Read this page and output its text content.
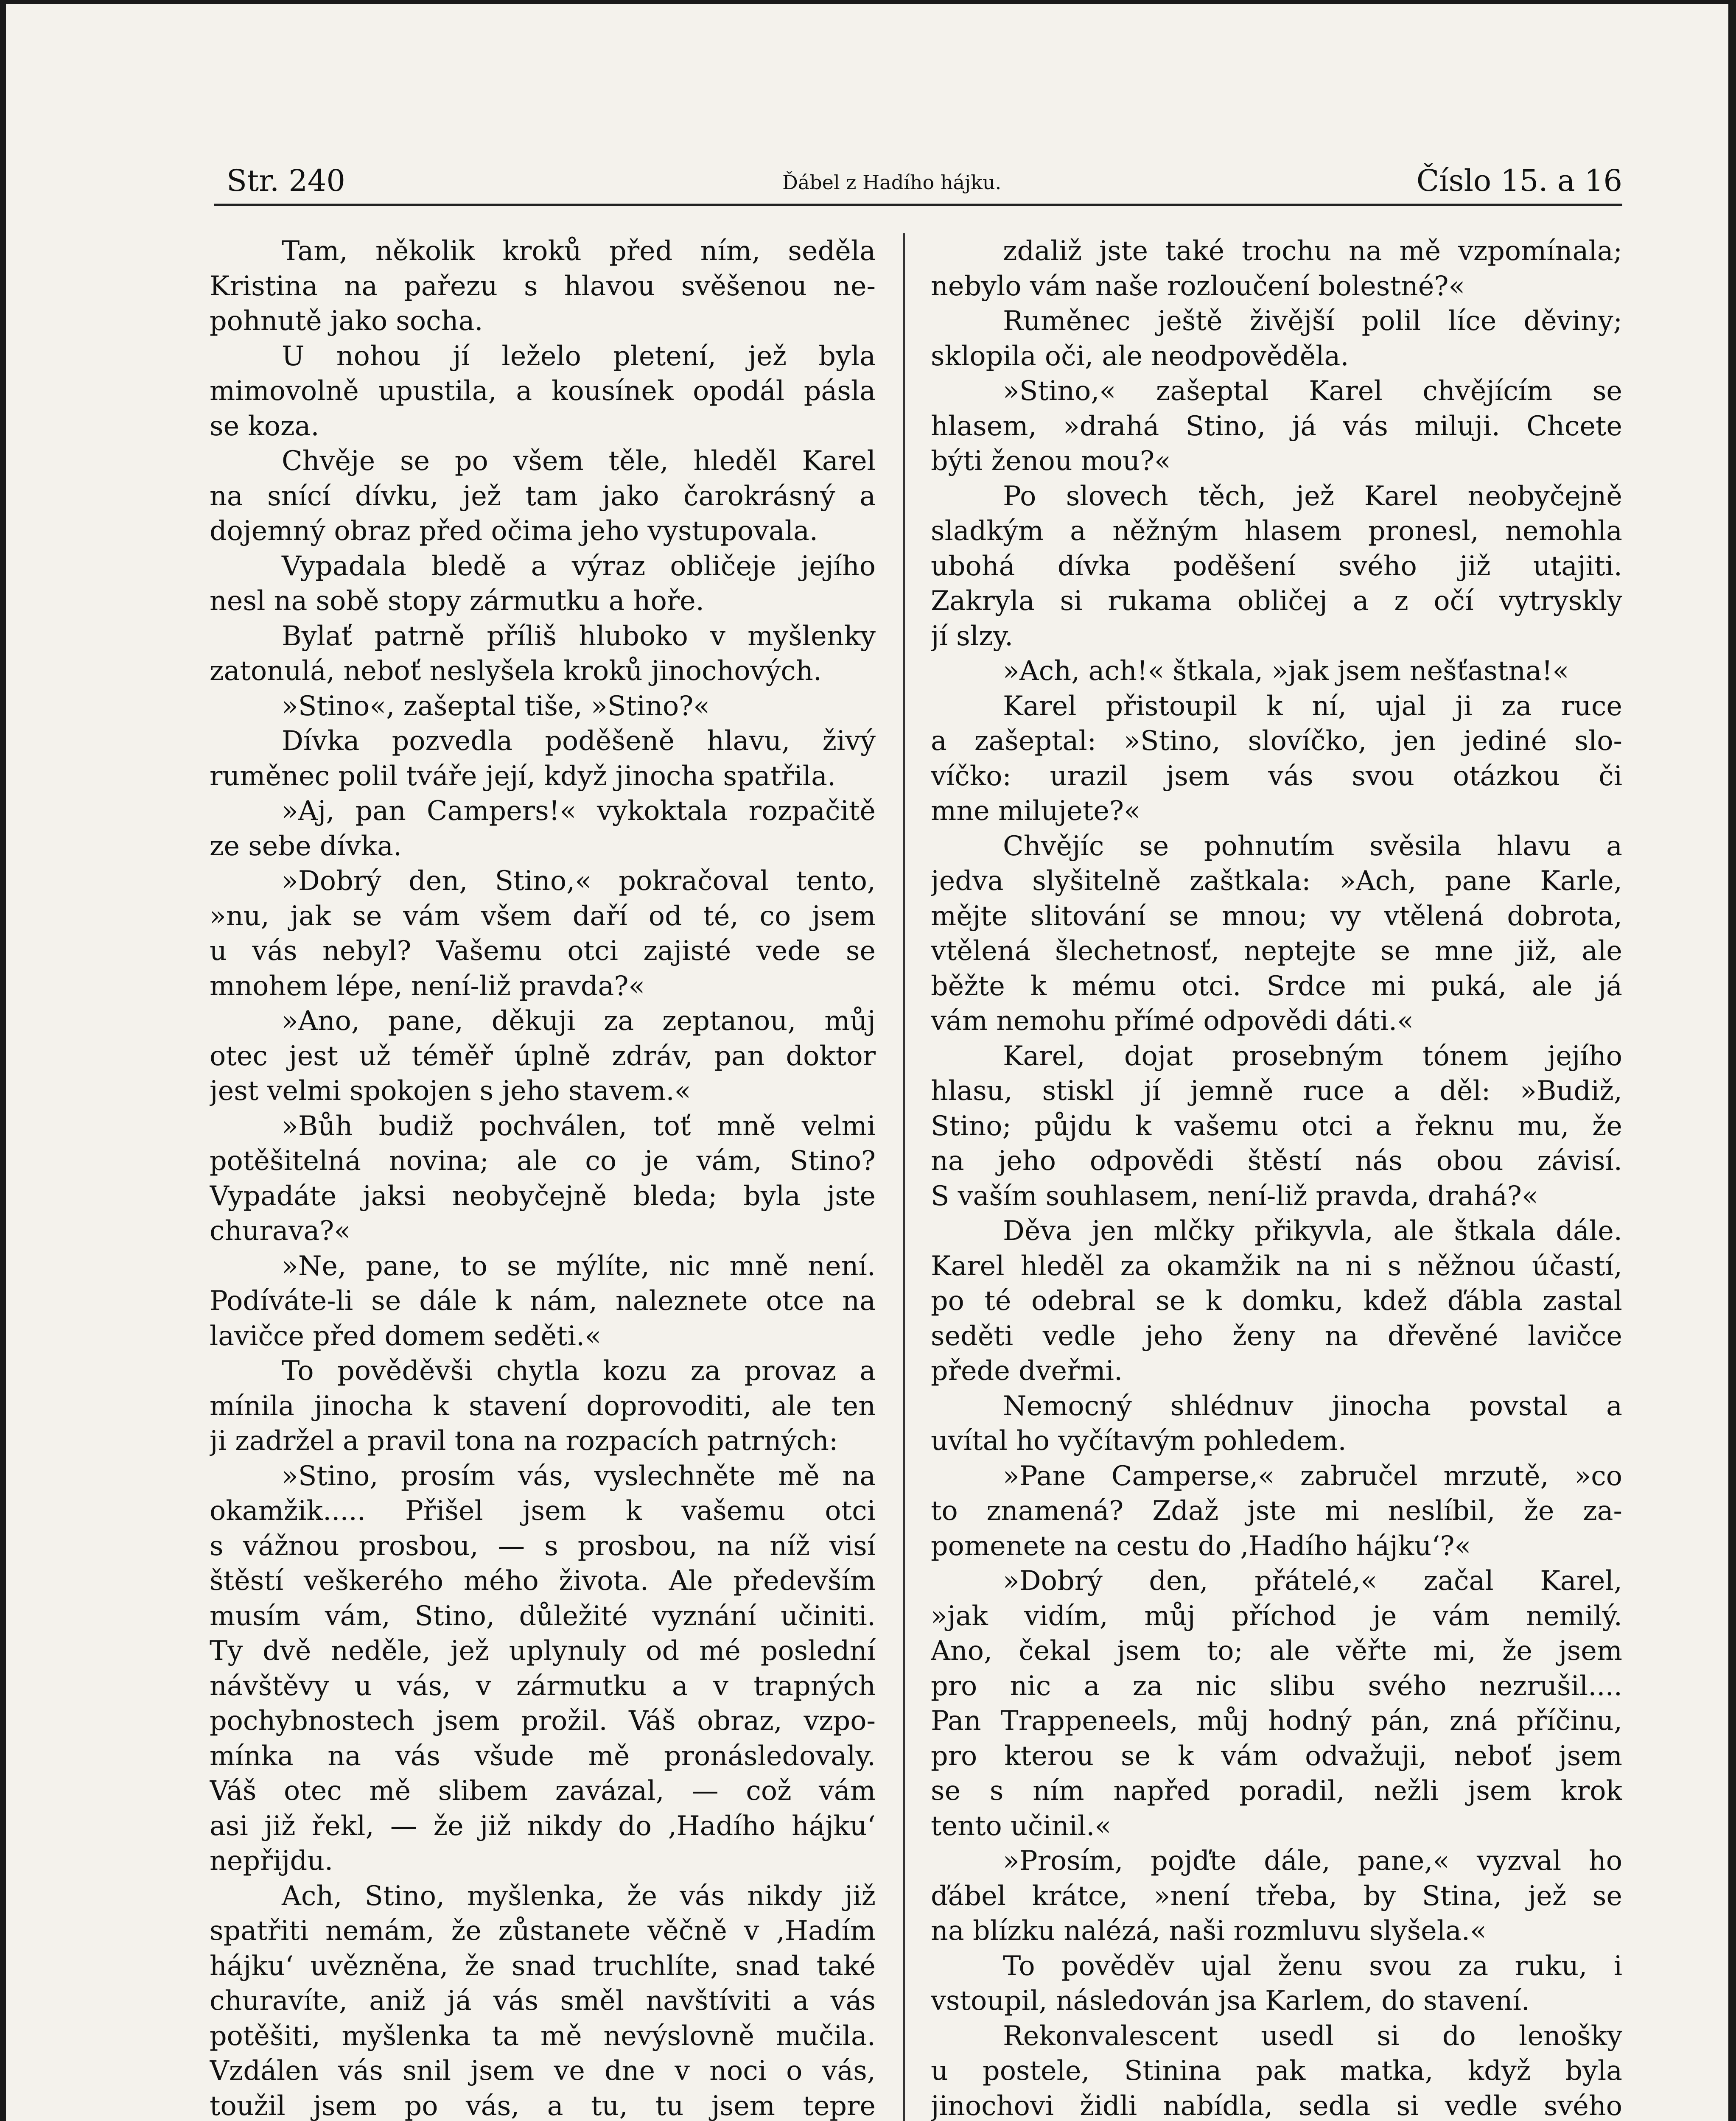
Str. 240	Ďábel z Hadího hájku.	Číslo 15. a 16
Tam, několik kroků před ním, seděla
Kristina na pařezu s hlavou svěšenou ne-
pohnutě jako socha.
U nohou jí leželo pletení, jež byla
mimovolně upustila, a kousínek opodál pásla
se koza.
Chvěje se po všem těle, hleděl Karel
na snící dívku, jež tam jako čarokrásný a
dojemný obraz před očima jeho vystupovala.
Vypadala bledě a výraz obličeje jejího
nesl na sobě stopy zármutku a hoře.
Bylať patrně příliš hluboko v myšlenky
zatonulá, neboť neslyšela kroků jinochových.
»Stino«, zašeptal tiše, »Stino?«
Dívka pozvedla poděšeně hlavu, živý
ruměnec polil tváře její, když jinocha spatřila.
»Aj, pan Campers!« vykoktala rozpačitě
ze sebe dívka.
»Dobrý den, Stino,« pokračoval tento,
»nu, jak se vám všem daří od té, co jsem
u vás nebyl? Vašemu otci zajisté vede se
mnohem lépe, není-liž pravda?«
»Ano, pane, děkuji za zeptanou, můj
otec jest už téměř úplně zdráv, pan doktor
jest velmi spokojen s jeho stavem.«
»Bůh budiž pochválen, toť mně velmi
potěšitelná novina; ale co je vám, Stino?
Vypadáte jaksi neobyčejně bleda; byla jste
churava?«
»Ne, pane, to se mýlíte, nic mně není.
Podíváte-li se dále k nám, naleznete otce na
lavičce před domem seděti.«
To pověděvši chytla kozu za provaz a
mínila jinocha k stavení doprovoditi, ale ten
ji zadržel a pravil tona na rozpacích patrných:
»Stino, prosím vás, vyslechněte mě na
okamžik..... Přišel jsem k vašemu otci
s vážnou prosbou, — s prosbou, na níž visí
štěstí veškerého mého života. Ale především
musím vám, Stino, důležité vyznání učiniti.
Ty dvě neděle, jež uplynuly od mé poslední
návštěvy u vás, v zármutku a v trapných
pochybnostech jsem prožil. Váš obraz, vzpo-
mínka na vás všude mě pronásledovaly.
Váš otec mě slibem zavázal, — což vám
asi již řekl, — že již nikdy do ‚Hadího hájku‘
nepřijdu.
Ach, Stino, myšlenka, že vás nikdy již
spatřiti nemám, že zůstanete věčně v ‚Hadím
hájku‘ uvězněna, že snad truchlíte, snad také
churavíte, aniž já vás směl navštíviti a vás
potěšiti, myšlenka ta mě nevýslovně mučila.
Vzdálen vás snil jsem ve dne v noci o vás,
toužil jsem po vás, a tu, tu jsem tepre
zdaliž jste také trochu na mě vzpomínala;
nebylo vám naše rozloučení bolestné?«
Ruměnec ještě živější polil líce děviny;
sklopila oči, ale neodpověděla.
»Stino,« zašeptal Karel chvějícím se
hlasem, »drahá Stino, já vás miluji. Chcete
býti ženou mou?«
Po slovech těch, jež Karel neobyčejně
sladkým a něžným hlasem pronesl, nemohla
ubohá dívka poděšení svého již utajiti.
Zakryla si rukama obličej a z očí vytryskly
jí slzy.
»Ach, ach!« štkala, »jak jsem nešťastna!«
Karel přistoupil k ní, ujal ji za ruce
a zašeptal: »Stino, slovíčko, jen jediné slo-
víčko: urazil jsem vás svou otázkou či
mne milujete?«
Chvějíc se pohnutím svěsila hlavu a
jedva slyšitelně zaštkala: »Ach, pane Karle,
mějte slitování se mnou; vy vtělená dobrota,
vtělená šlechetnosť, neptejte se mne již, ale
běžte k mému otci. Srdce mi puká, ale já
vám nemohu přímé odpovědi dáti.«
Karel, dojat prosebným tónem jejího
hlasu, stiskl jí jemně ruce a děl: »Budiž,
Stino; půjdu k vašemu otci a řeknu mu, že
na jeho odpovědi štěstí nás obou závisí.
S vaším souhlasem, není-liž pravda, drahá?«
Děva jen mlčky přikyvla, ale štkala dále.
Karel hleděl za okamžik na ni s něžnou účastí,
po té odebral se k domku, kdež ďábla zastal
seděti vedle jeho ženy na dřevěné lavičce
přede dveřmi.
Nemocný shlédnuv jinocha povstal a
uvítal ho vyčítavým pohledem.
»Pane Camperse,« zabručel mrzutě, »co
to znamená? Zdaž jste mi neslíbil, že za-
pomenete na cestu do ‚Hadího hájku‘?«
»Dobrý den, přátelé,« začal Karel,
»jak vidím, můj příchod je vám nemilý.
Ano, čekal jsem to; ale věřte mi, že jsem
pro nic a za nic slibu svého nezrušil....
Pan Trappeneels, můj hodný pán, zná příčinu,
pro kterou se k vám odvažuji, neboť jsem
se s ním napřed poradil, nežli jsem krok
tento učinil.«
»Prosím, pojďte dále, pane,« vyzval ho
ďábel krátce, »není třeba, by Stina, jež se
na blízku nalézá, naši rozmluvu slyšela.«
To pověděv ujal ženu svou za ruku, i
vstoupil, následován jsa Karlem, do stavení.
Rekonvalescent usedl si do lenošky
u postele, Stinina pak matka, když byla
jinochovi židli nabídla, sedla si vedle svého
